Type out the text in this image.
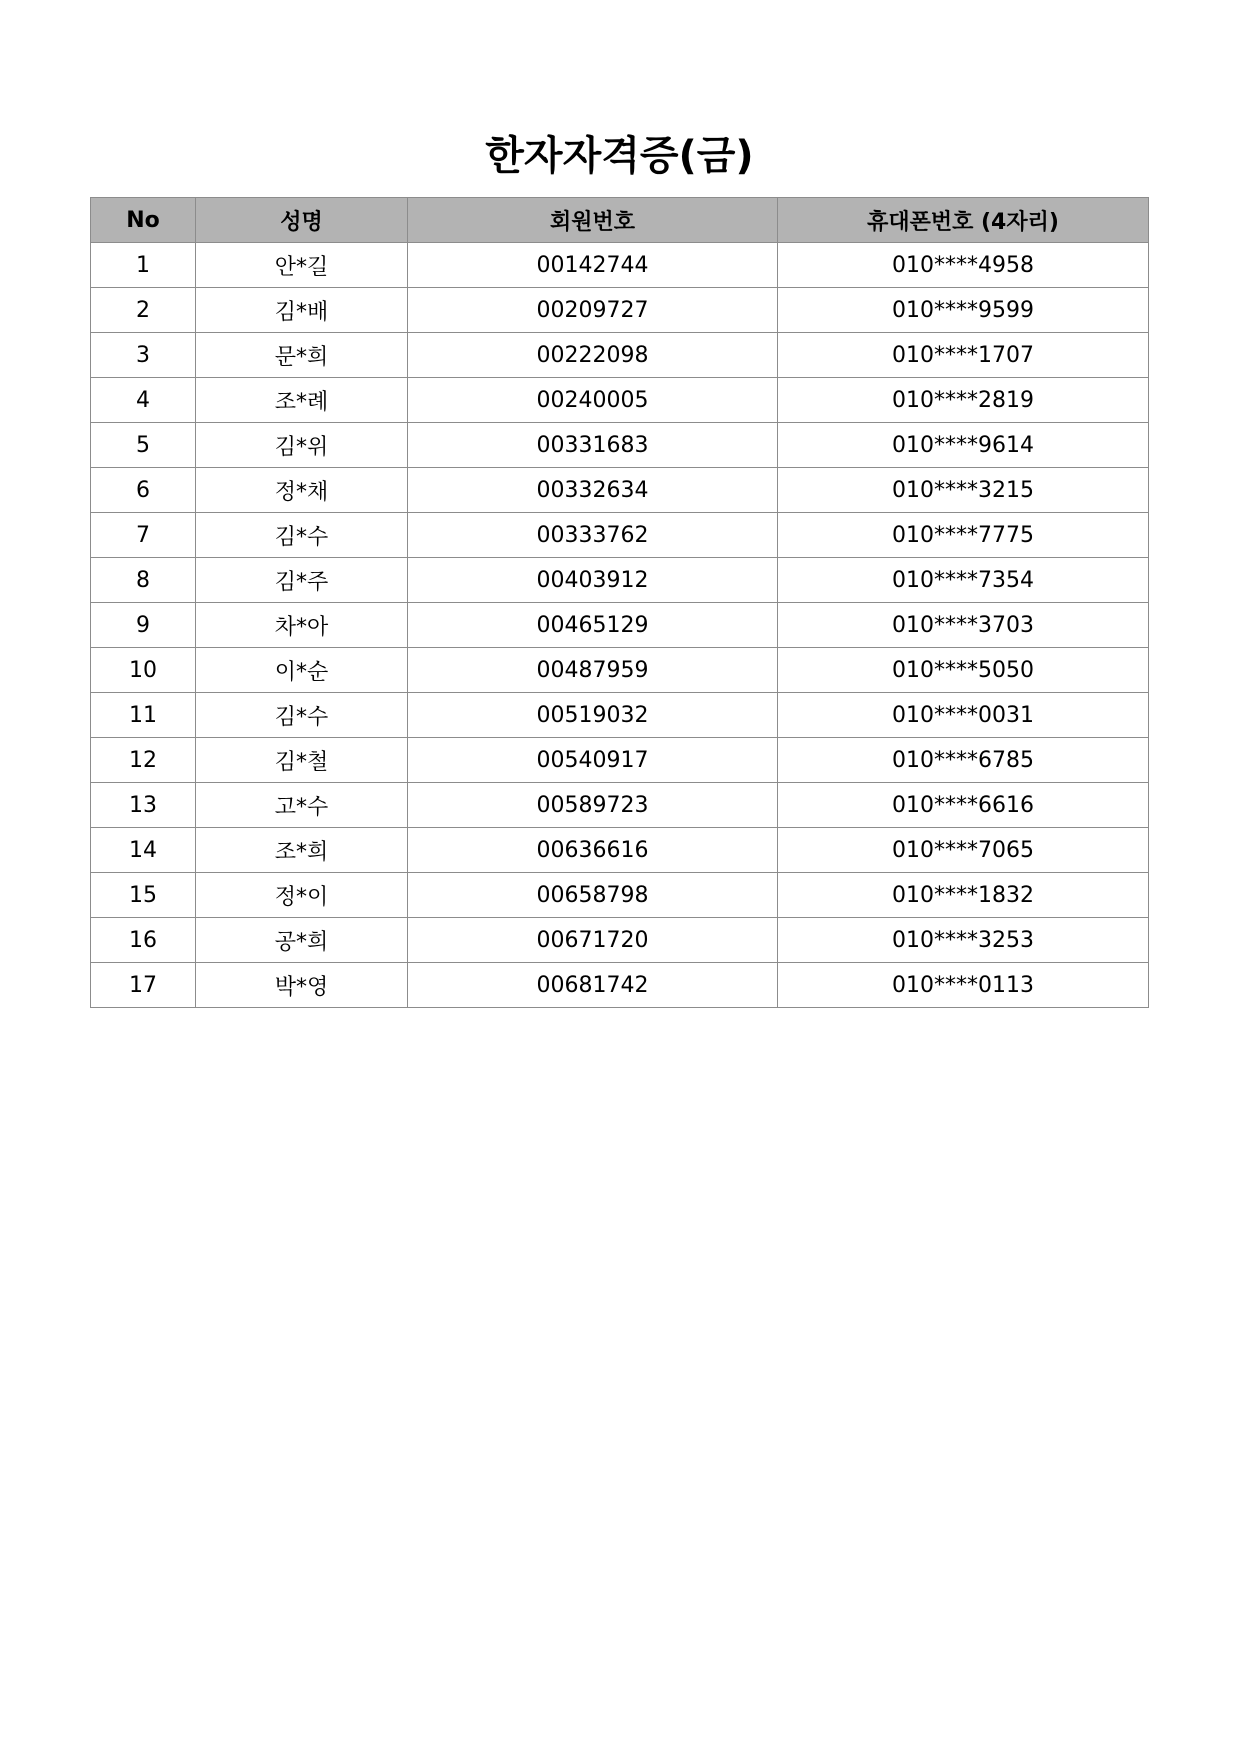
한자자격증(금)
No	성명	회원번호	휴대폰번호 (4자리)
1	안*길	00142744	010****4958
2	김*배	00209727	010****9599
3	문*희	00222098	010****1707
4	조*례	00240005	010****2819
5	김*위	00331683	010****9614
6	정*채	00332634	010****3215
7	김*수	00333762	010****7775
8	김*주	00403912	010****7354
9	차*아	00465129	010****3703
10	이*순	00487959	010****5050
11	김*수	00519032	010****0031
12	김*철	00540917	010****6785
13	고*수	00589723	010****6616
14	조*희	00636616	010****7065
15	정*이	00658798	010****1832
16	공*희	00671720	010****3253
17	박*영	00681742	010****0113
